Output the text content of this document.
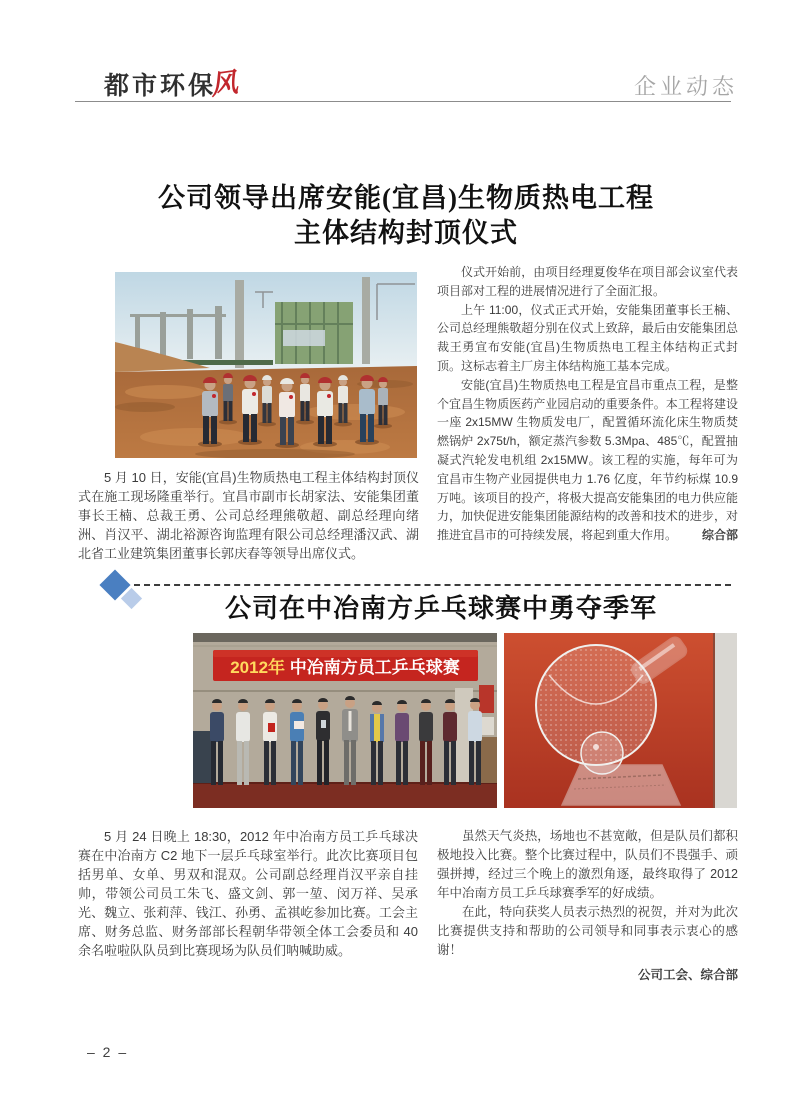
都市环保
风	企业动态
公司领导出席安能(宜昌)生物质热电工程
主体结构封顶仪式

仪式开始前，由项目经理夏俊华在项目部会议室代表项目部对工程的进展情况进行了全面汇报。

上午 11:00，仪式正式开始，安能集团董事长王楠、公司总经理熊敬超分别在仪式上致辞，最后由安能集团总裁王勇宣布安能(宜昌)生物质热电工程主体结构正式封顶。这标志着主厂房主体结构施工基本完成。

安能(宜昌)生物质热电工程是宜昌市重点工程，是整个宜昌生物质医药产业园启动的重要条件。本工程将建设一座 2x15MW 生物质发电厂，配置循环流化床生物质焚燃锅炉 2x75t/h，额定蒸汽参数 5.3Mpa、485℃，配置抽凝式汽轮发电机组 2x15MW。该工程的实施，每年可为宜昌市生物产业园提供电力 1.76 亿度，年节约标煤 10.9 万吨。该项目的投产，将极大提高安能集团的电力供应能力，加快促进安能集团能源结构的改善和技术的进步，对推进宜昌市的可持续发展，将起到重大作用。	综合部

5 月 10 日，安能(宜昌)生物质热电工程主体结构封顶仪式在施工现场隆重举行。宜昌市副市长胡家法、安能集团董事长王楠、总裁王勇、公司总经理熊敬超、副总经理向绪洲、肖汉平、湖北裕源咨询监理有限公司总经理潘汉武、湖北省工业建筑集团董事长郭庆春等领导出席仪式。

公司在中冶南方乒乓球赛中勇夺季军
2012年 中冶南方员工乒乓球赛

5 月 24 日晚上 18:30，2012 年中冶南方员工乒乓球决赛在中冶南方 C2 地下一层乒乓球室举行。此次比赛项目包括男单、女单、男双和混双。公司副总经理肖汉平亲自挂帅，带领公司员工朱飞、盛文剑、郭一堃、闵万祥、吴承光、魏立、张莉萍、钱江、孙勇、孟祺屹参加比赛。工会主席、财务总监、财务部部长程朝华带领全体工会委员和 40 余名啦啦队队员到比赛现场为队员们呐喊助威。

虽然天气炎热，场地也不甚宽敞，但是队员们都积极地投入比赛。整个比赛过程中，队员们不畏强手、顽强拼搏，经过三个晚上的激烈角逐，最终取得了 2012 年中冶南方员工乒乓球赛季军的好成绩。

在此，特向获奖人员表示热烈的祝贺，并对为此次比赛提供支持和帮助的公司领导和同事表示衷心的感谢！

公司工会、综合部
– 2 –
